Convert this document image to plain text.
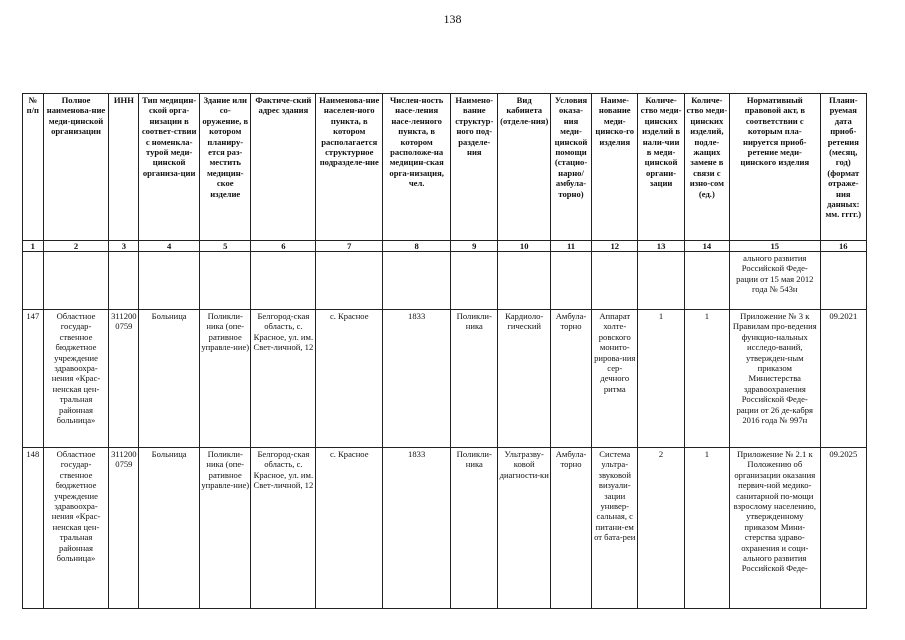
138
№ п/п	Полное наименова-ние меди-цинской организации	ИНН	Тип медицин-ской орга-низации в соответ-ствии с номенкла-турой меди-цинской организа-ции	Здание или со-оружение, в котором планиру-ется раз-местить медицин-ское изделие	Фактиче-ский адрес здания	Наименова-ние населен-ного пункта, в котором располагается структурное подразделе-ние	Числен-ность насе-ления насе-ленного пункта, в котором расположе-на медицин-ская орга-низация, чел.	Наимено-вание структур-ного под-разделе-ния	Вид кабинета (отделе-ния)	Условия оказа-ния меди-цинской помощи (стацио-нарно/ амбула-торно)	Наиме-нование меди-цинско-го изделия	Количе-ство меди-цинских изделий в нали-чии в меди-цинской органи-зации	Количе-ство меди-цинских изделий, подле-жащих замене в связи с изно-сом (ед.)	Нормативный правовой акт, в соответствии с которым пла-нируется приоб-ретение меди-цинского изделия	Плани-руемая дата приоб-ретения (месяц, год) (формат отраже-ния данных: мм. гггг.)
1	2	3	4	5	6	7	8	9	10	11	12	13	14	15	16
														ального развития Российской Феде-рации от 15 мая 2012 года № 543н	
147	Областное государ-ственное бюджетное учреждение здравоохра-нения «Крас-ненская цен-тральная районная больница»	311200 0759	Больница	Поликли-ника (опе-ративное управле-ние)	Белгород-ская область, с. Красное, ул. им. Свет-личной, 12	с. Красное	1833	Поликли-ника	Кардиоло-гический	Амбула-торно	Аппарат холте-ровского монито-рирова-ния сер-дечного ритма	1	1	Приложение № 3 к Правилам про-ведения функцио-нальных исследо-ваний, утвержден-ным приказом Министерства здравоохранения Российской Феде-рации от 26 де-кабря 2016 года № 997н	09.2021
148	Областное государ-ственное бюджетное учреждение здравоохра-нения «Крас-ненская цен-тральная районная больница»	311200 0759	Больница	Поликли-ника (опе-ративное управле-ние)	Белгород-ская область, с. Красное, ул. им. Свет-личной, 12	с. Красное	1833	Поликли-ника	Ультразву-ковой диагности-ки	Амбула-торно	Система ультра-звуковой визуали-зации универ-сальная, с питани-ем от бата-реи	2	1	Приложение № 2.1 к Положению об организации оказания первич-ной медико-санитарной по-мощи взрослому населению, утвержденному приказом Мини-стерства здраво-охранения и соци-ального развития Российской Феде-	09.2025
